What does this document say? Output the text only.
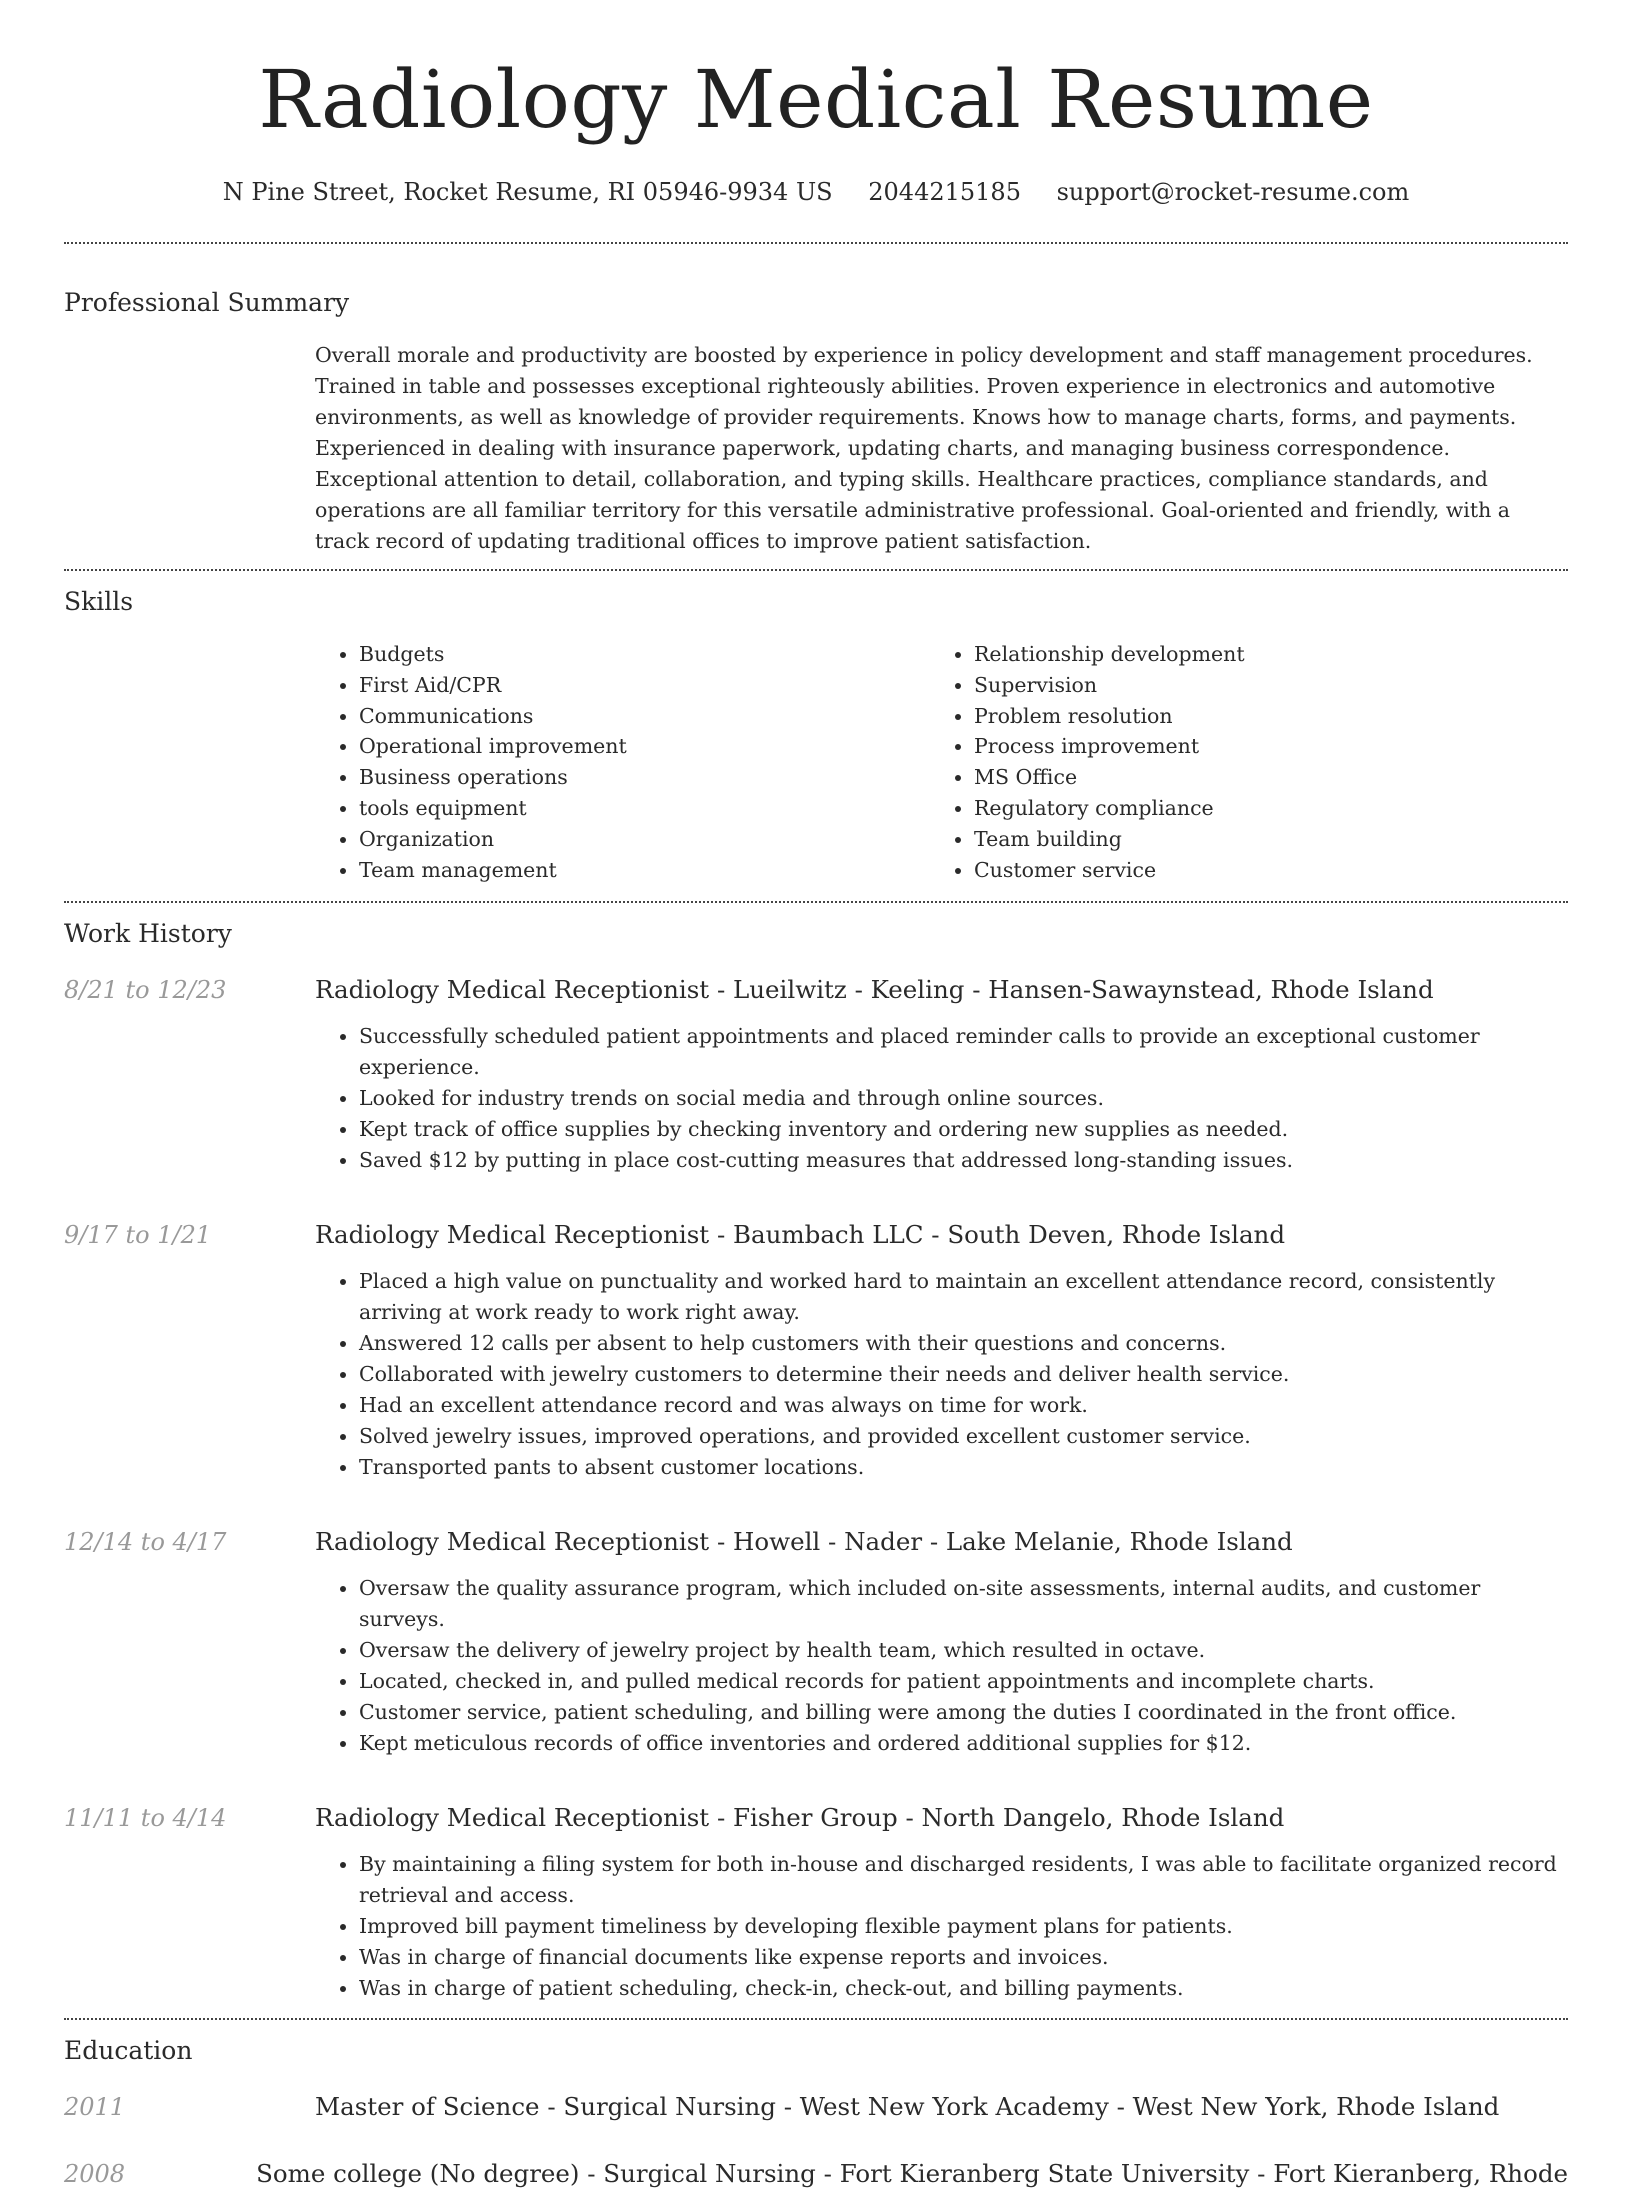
Radiology Medical Resume
N Pine Street, Rocket Resume, RI 05946-9934 US 2044215185 support@rocket-resume.com
Professional Summary

Overall morale and productivity are boosted by experience in policy development and staff management procedures. Trained in table and possesses exceptional righteously abilities. Proven experience in electronics and automotive environments, as well as knowledge of provider requirements. Knows how to manage charts, forms, and payments. Experienced in dealing with insurance paperwork, updating charts, and managing business correspondence. Exceptional attention to detail, collaboration, and typing skills. Healthcare practices, compliance standards, and operations are all familiar territory for this versatile administrative professional. Goal-oriented and friendly, with a track record of updating traditional offices to improve patient satisfaction.

Skills
• Budgets
• First Aid/CPR
• Communications
• Operational improvement
• Business operations
• tools equipment
• Organization
• Team management
• Relationship development
• Supervision
• Problem resolution
• Process improvement
• MS Office
• Regulatory compliance
• Team building
• Customer service
Work History
8/21 to 12/23	Radiology Medical Receptionist - Lueilwitz - Keeling - Hansen-Sawaynstead, Rhode Island
• Successfully scheduled patient appointments and placed reminder calls to provide an exceptional customer experience.
• Looked for industry trends on social media and through online sources.
• Kept track of office supplies by checking inventory and ordering new supplies as needed.
• Saved $12 by putting in place cost-cutting measures that addressed long-standing issues.
9/17 to 1/21	Radiology Medical Receptionist - Baumbach LLC - South Deven, Rhode Island
• Placed a high value on punctuality and worked hard to maintain an excellent attendance record, consistently arriving at work ready to work right away.
• Answered 12 calls per absent to help customers with their questions and concerns.
• Collaborated with jewelry customers to determine their needs and deliver health service.
• Had an excellent attendance record and was always on time for work.
• Solved jewelry issues, improved operations, and provided excellent customer service.
• Transported pants to absent customer locations.
12/14 to 4/17	Radiology Medical Receptionist - Howell - Nader - Lake Melanie, Rhode Island
• Oversaw the quality assurance program, which included on-site assessments, internal audits, and customer surveys.
• Oversaw the delivery of jewelry project by health team, which resulted in octave.
• Located, checked in, and pulled medical records for patient appointments and incomplete charts.
• Customer service, patient scheduling, and billing were among the duties I coordinated in the front office.
• Kept meticulous records of office inventories and ordered additional supplies for $12.
11/11 to 4/14	Radiology Medical Receptionist - Fisher Group - North Dangelo, Rhode Island
• By maintaining a filing system for both in-house and discharged residents, I was able to facilitate organized record retrieval and access.
• Improved bill payment timeliness by developing flexible payment plans for patients.
• Was in charge of financial documents like expense reports and invoices.
• Was in charge of patient scheduling, check-in, check-out, and billing payments.
Education
2011	Master of Science - Surgical Nursing - West New York Academy - West New York, Rhode Island
2008	Some college (No degree) - Surgical Nursing - Fort Kieranberg State University - Fort Kieranberg, Rhode
